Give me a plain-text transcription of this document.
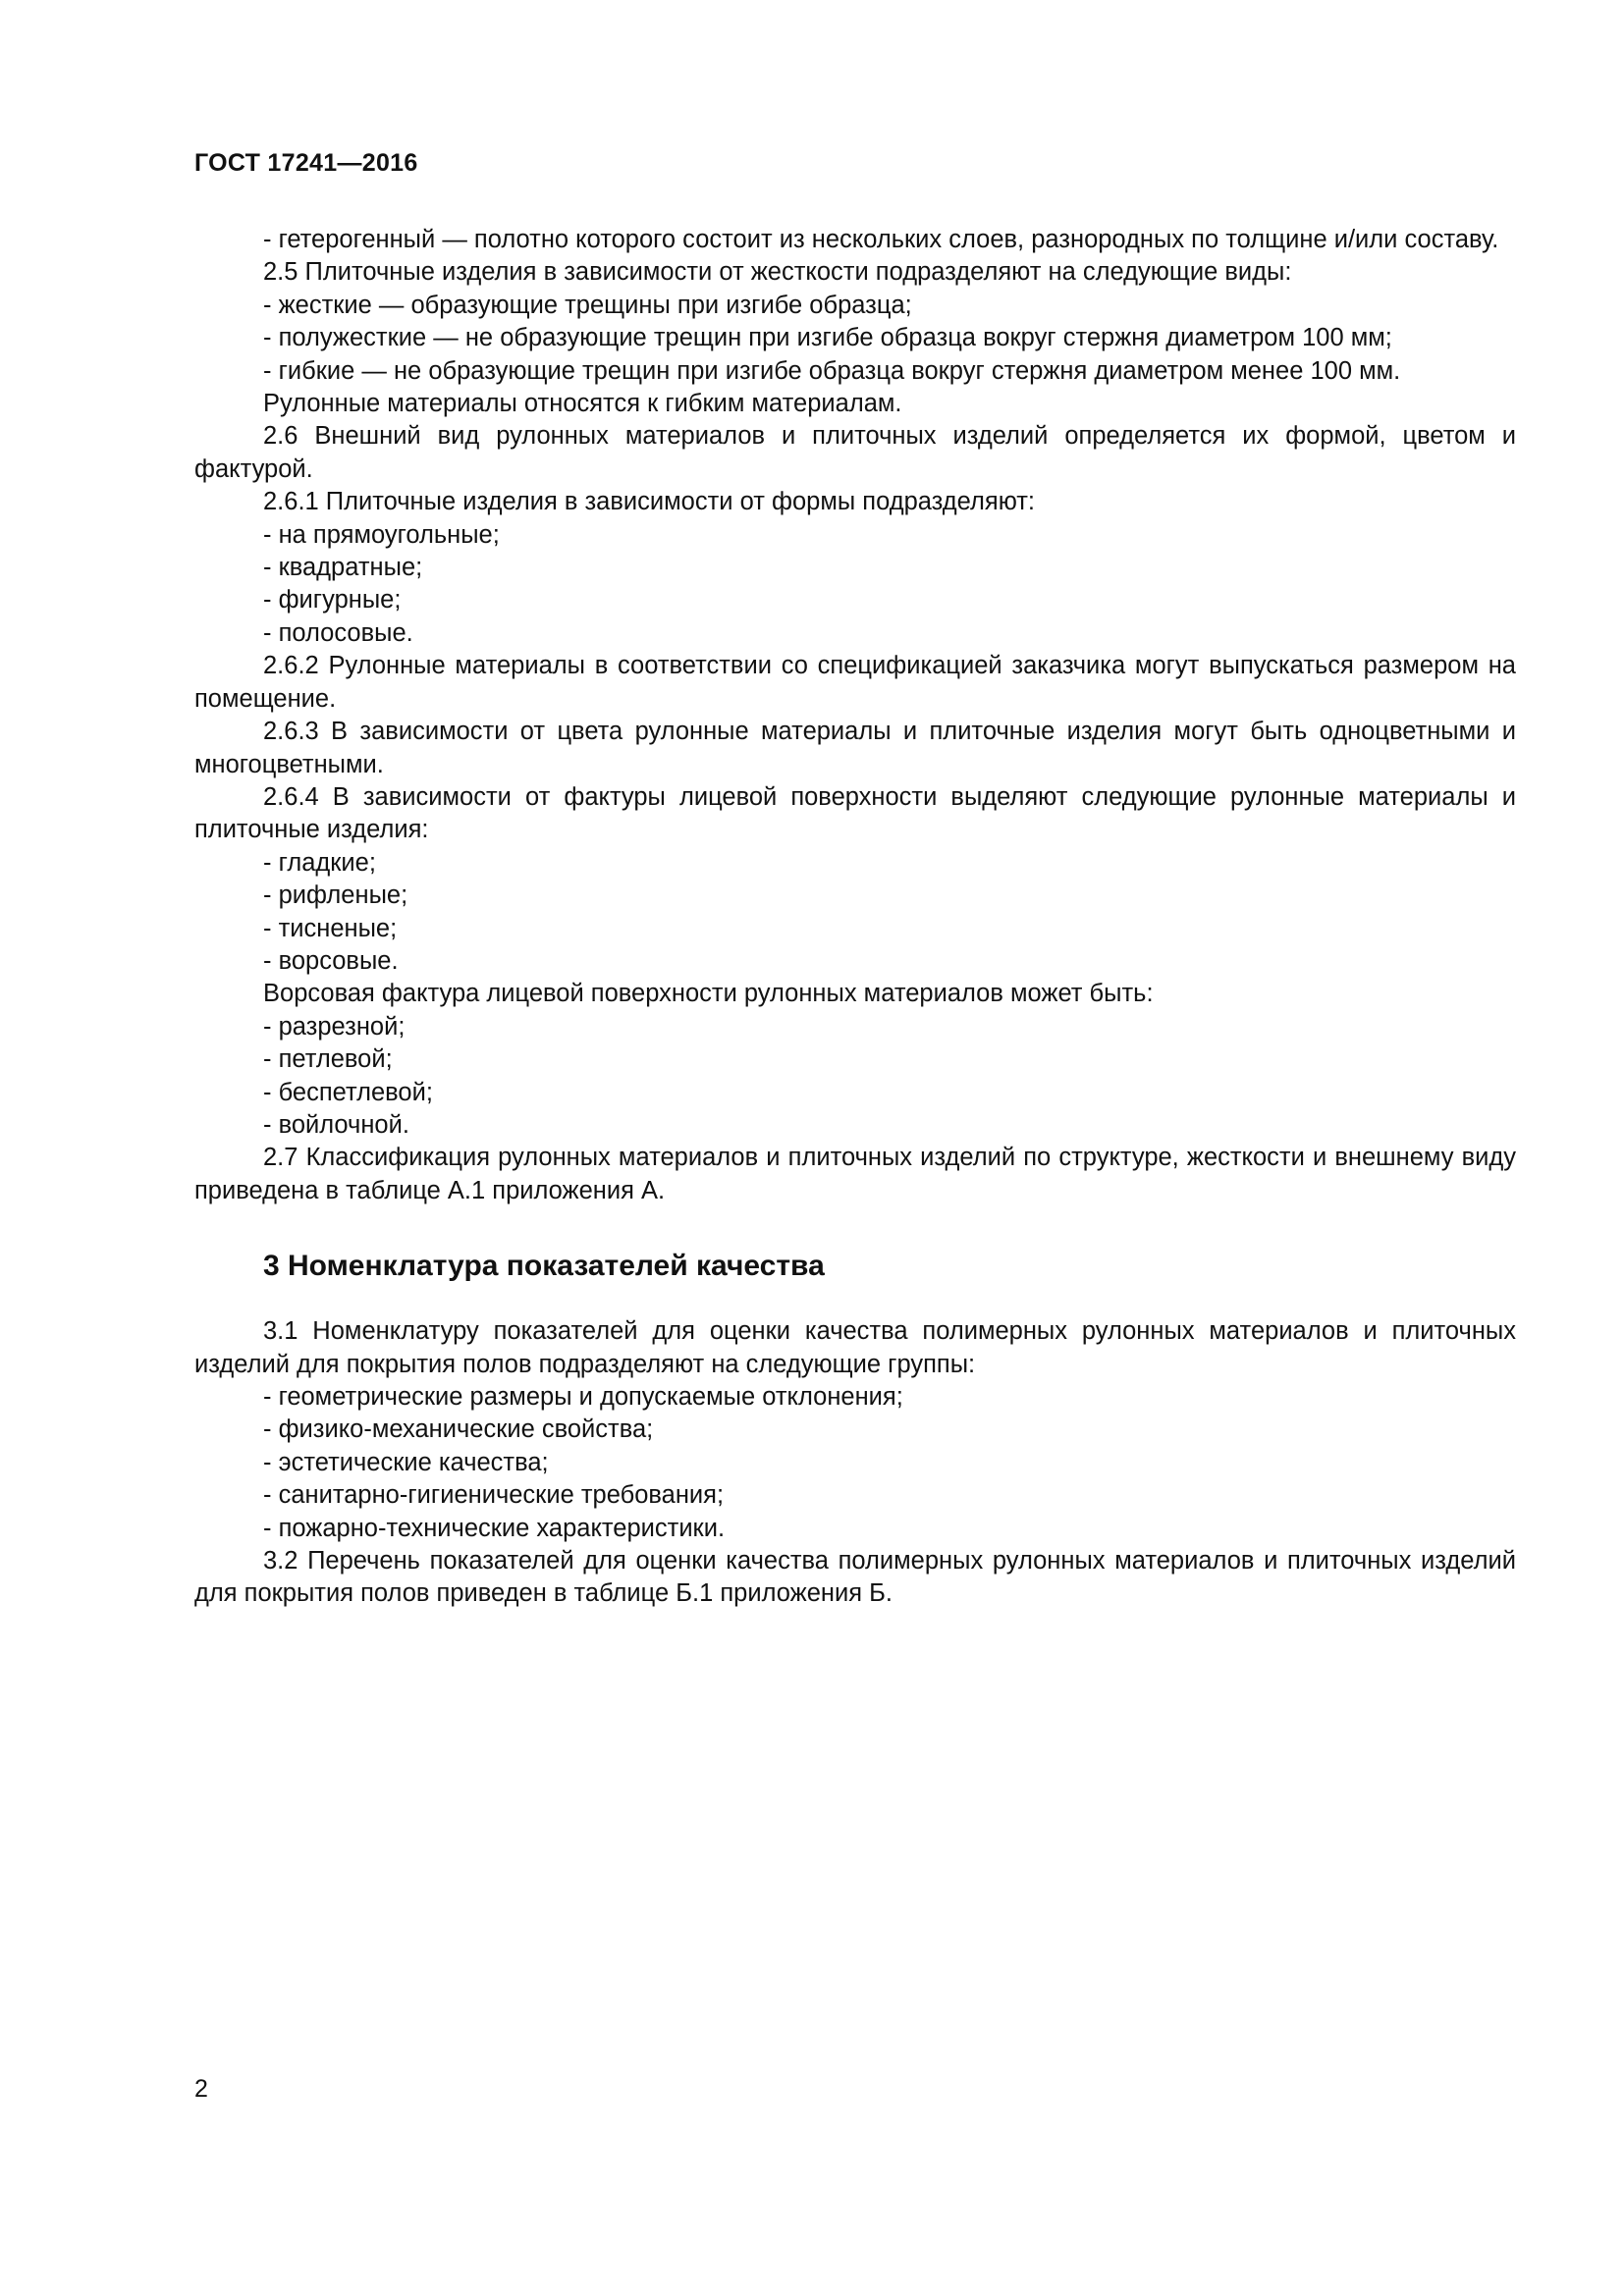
ГОСТ 17241—2016

- гетерогенный — полотно которого состоит из нескольких слоев, разнородных по толщине и/или составу.

2.5 Плиточные изделия в зависимости от жесткости подразделяют на следующие виды:

- жесткие — образующие трещины при изгибе образца;

- полужесткие — не образующие трещин при изгибе образца вокруг стержня диаметром 100 мм;

- гибкие — не образующие трещин при изгибе образца вокруг стержня диаметром менее 100 мм.

Рулонные материалы относятся к гибким материалам.

2.6 Внешний вид рулонных материалов и плиточных изделий определяется их формой, цветом и фактурой.

2.6.1 Плиточные изделия в зависимости от формы подразделяют:

- на прямоугольные;

- квадратные;

- фигурные;

- полосовые.

2.6.2 Рулонные материалы в соответствии со спецификацией заказчика могут выпускаться размером на помещение.

2.6.3 В зависимости от цвета рулонные материалы и плиточные изделия могут быть одноцветными и многоцветными.

2.6.4 В зависимости от фактуры лицевой поверхности выделяют следующие рулонные материалы и плиточные изделия:

- гладкие;

- рифленые;

- тисненые;

- ворсовые.

Ворсовая фактура лицевой поверхности рулонных материалов может быть:

- разрезной;

- петлевой;

- беспетлевой;

- войлочной.

2.7 Классификация рулонных материалов и плиточных изделий по структуре, жесткости и внешнему виду приведена в таблице А.1 приложения А.

3 Номенклатура показателей качества

3.1 Номенклатуру показателей для оценки качества полимерных рулонных материалов и плиточных изделий для покрытия полов подразделяют на следующие группы:

- геометрические размеры и допускаемые отклонения;

- физико-механические свойства;

- эстетические качества;

- санитарно-гигиенические требования;

- пожарно-технические характеристики.

3.2 Перечень показателей для оценки качества полимерных рулонных материалов и плиточных изделий для покрытия полов приведен в таблице Б.1 приложения Б.

2
